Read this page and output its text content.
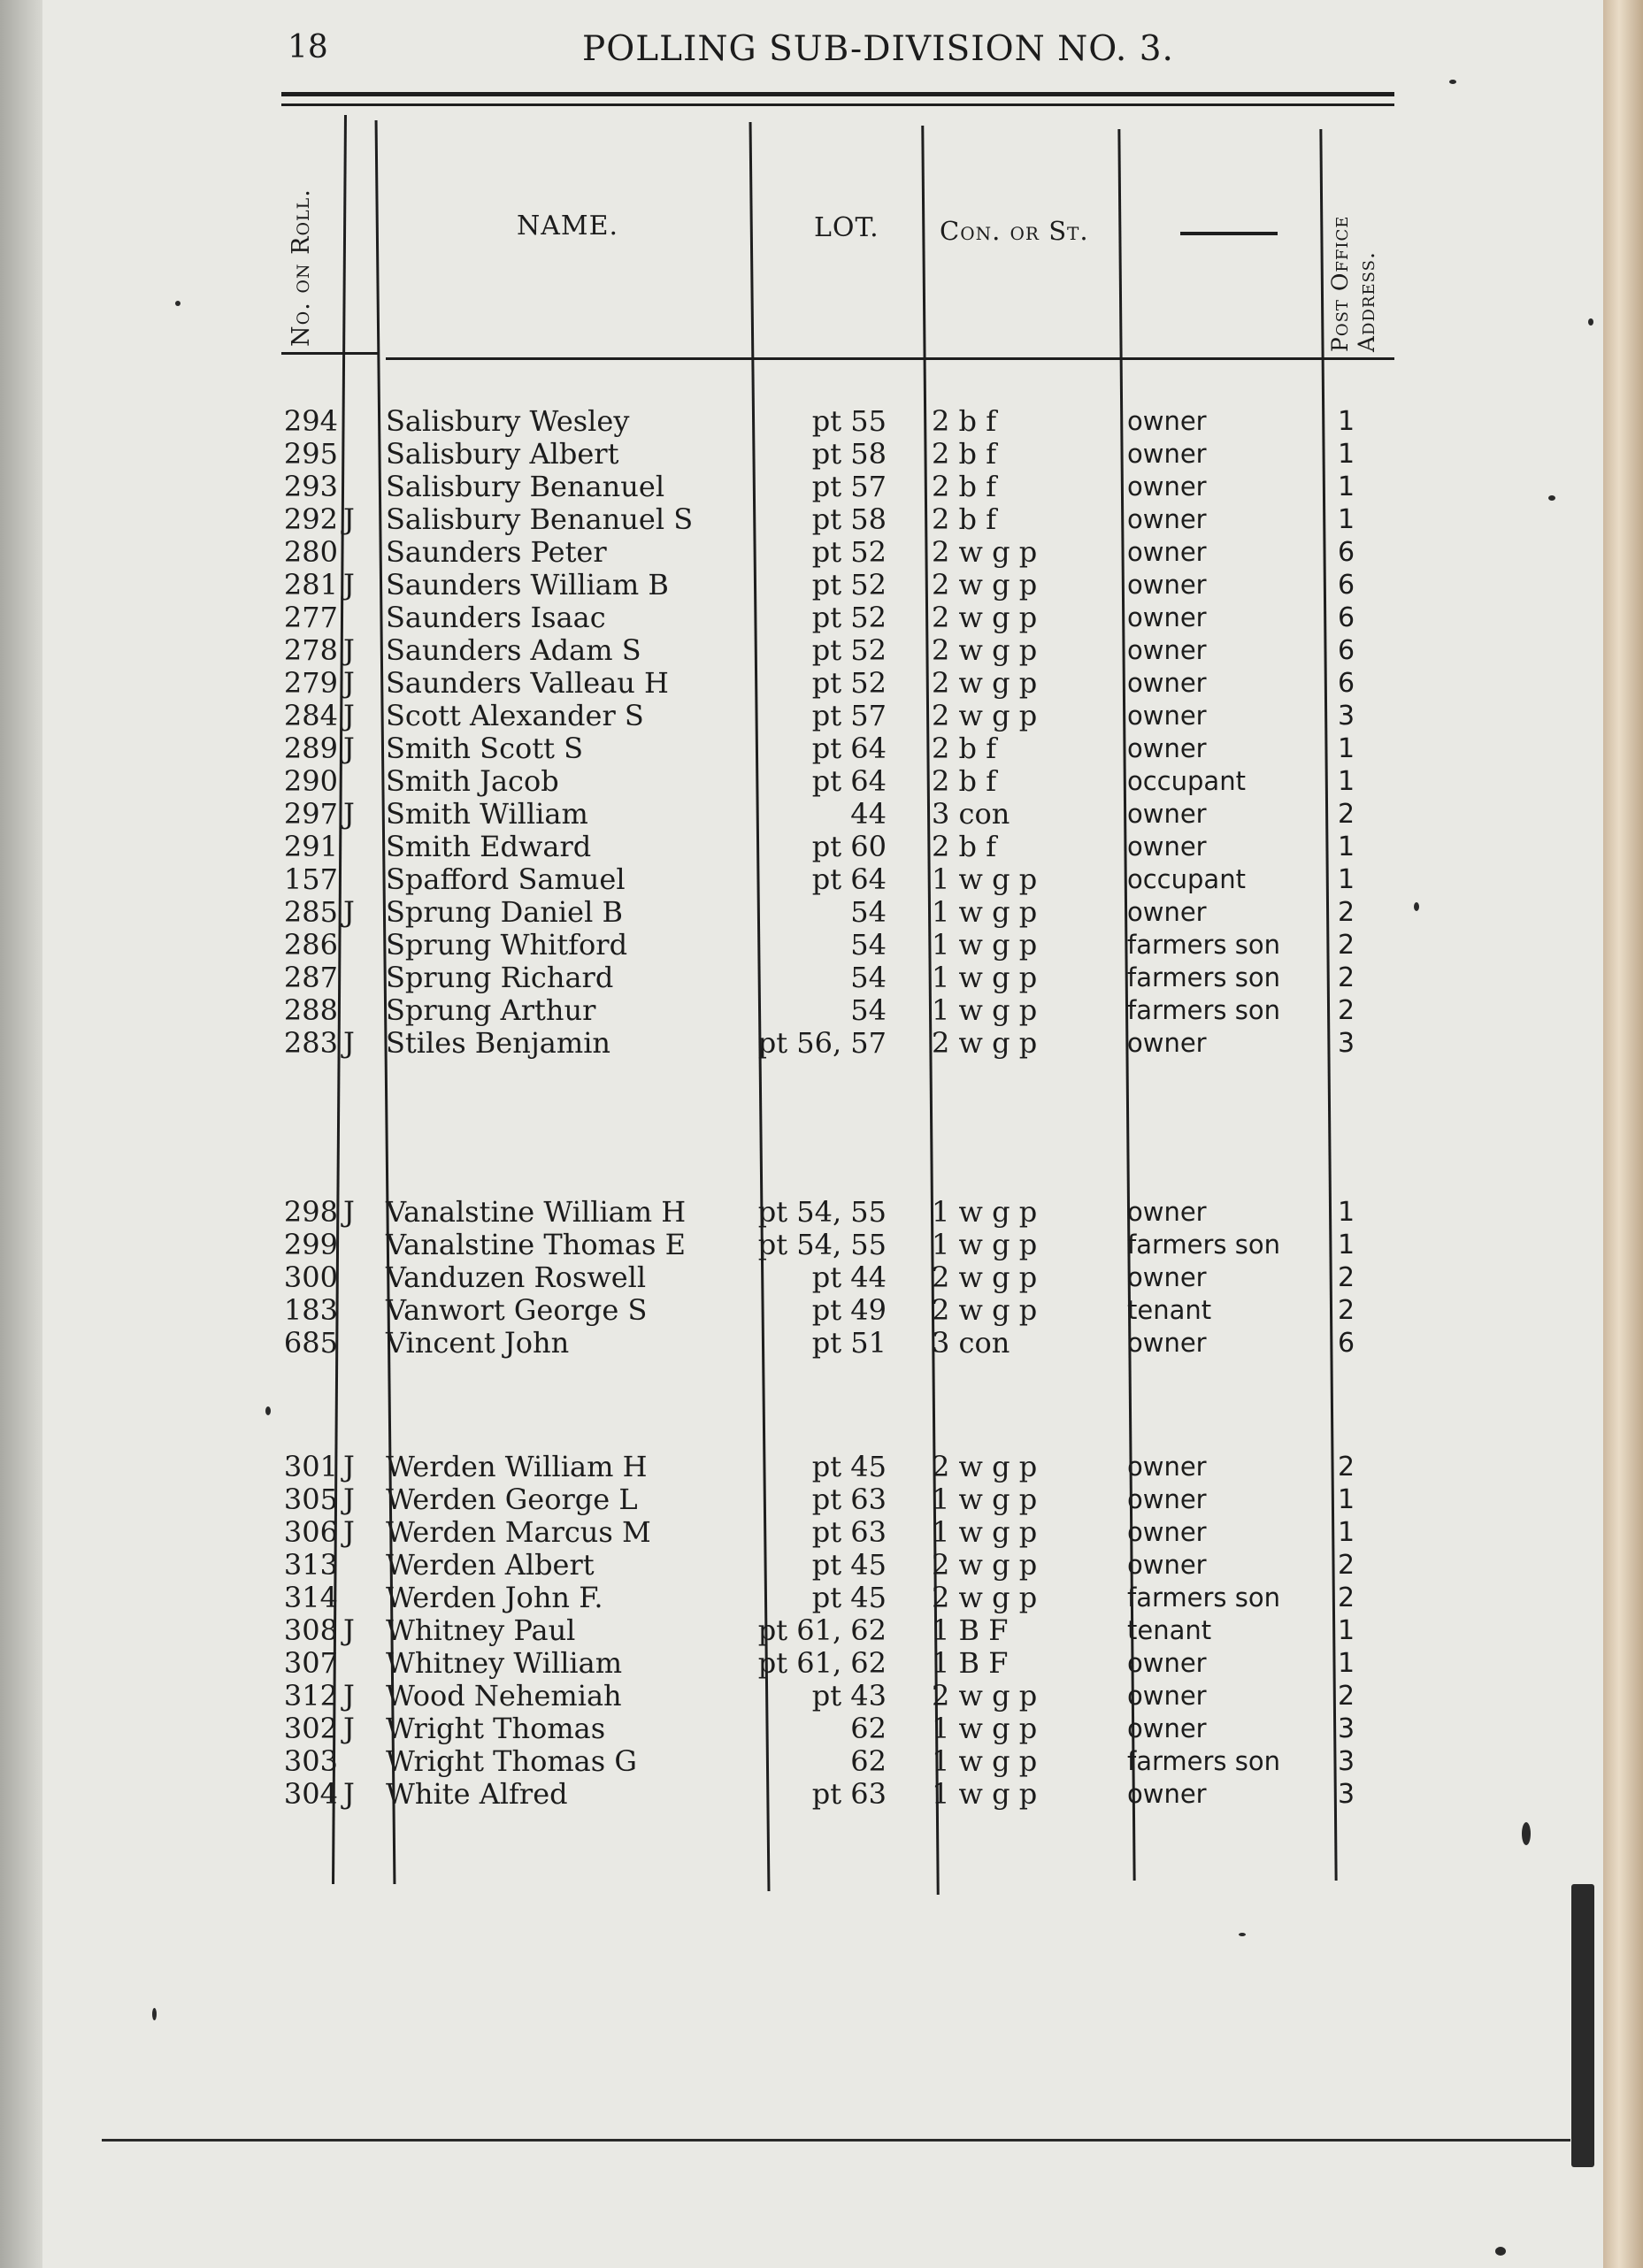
18	POLLING SUB-DIVISION NO. 3.
No. on Roll.	NAME.	LOT. Con. or St.	Post Office Address.
294 Salisbury Wesley	pt 55 2 b f	owner	1
295 Salisbury Albert	pt 58 2 b f	owner	1
293 Salisbury Benanuel	pt 57 2 b f	owner	1
292 J	Salisbury Benanuel S	pt 58 2 b f	owner	1
280 Saunders Peter	pt 52 2 w g p	owner	6
281 J	Saunders William B	pt 52 2 w g p	owner	6
277 Saunders Isaac	pt 52 2 w g p	owner	6
278 J	Saunders Adam S	pt 52 2 w g p	owner	6
279 J	Saunders Valleau H	pt 52 2 w g p	owner	6
284 J	Scott Alexander S	pt 57 2 w g p	owner	3
289 J	Smith Scott S	pt 64 2 b f	owner	1
290 Smith Jacob	pt 64 2 b f	occupant	1
297 J	Smith William	44 3 con	owner	2
291 Smith Edward	pt 60 2 b f	owner	1
157 Spafford Samuel	pt 64 1 w g p	occupant	1
285 J	Sprung Daniel B	54 1 w g p	owner	2
286 Sprung Whitford	54 1 w g p	farmers son 2
287 Sprung Richard	54 1 w g p	farmers son 2
288 Sprung Arthur	54 1 w g p	farmers son 2
283 J	Stiles Benjamin	pt 56, 57 2 w g p	owner	3
298 J	Vanalstine William H	pt 54, 55 1 w g p	owner	1
299 Vanalstine Thomas E	pt 54, 55 1 w g p	farmers son 1
300 Vanduzen Roswell	pt 44 2 w g p	owner	2
183 Vanwort George S	pt 49 2 w g p	tenant	2
685 Vincent John	pt 51 3 con	owner	6
301 J	Werden William H	pt 45 2 w g p	owner	2
305 J	Werden George L	pt 63 1 w g p	owner	1
306 J	Werden Marcus M	pt 63 1 w g p	owner	1
313 Werden Albert	pt 45 2 w g p	owner	2
314 Werden John F.	pt 45 2 w g p	farmers son 2
308 J	Whitney Paul	pt 61, 62 1 B F	tenant	1
307 Whitney William	pt 61, 62 1 B F	owner	1
312 J	Wood Nehemiah	pt 43 2 w g p	owner	2
302 J	Wright Thomas	62 1 w g p	owner	3
303 Wright Thomas G	62 1 w g p	farmers son 3
304 J	White Alfred	pt 63 1 w g p	owner	3
